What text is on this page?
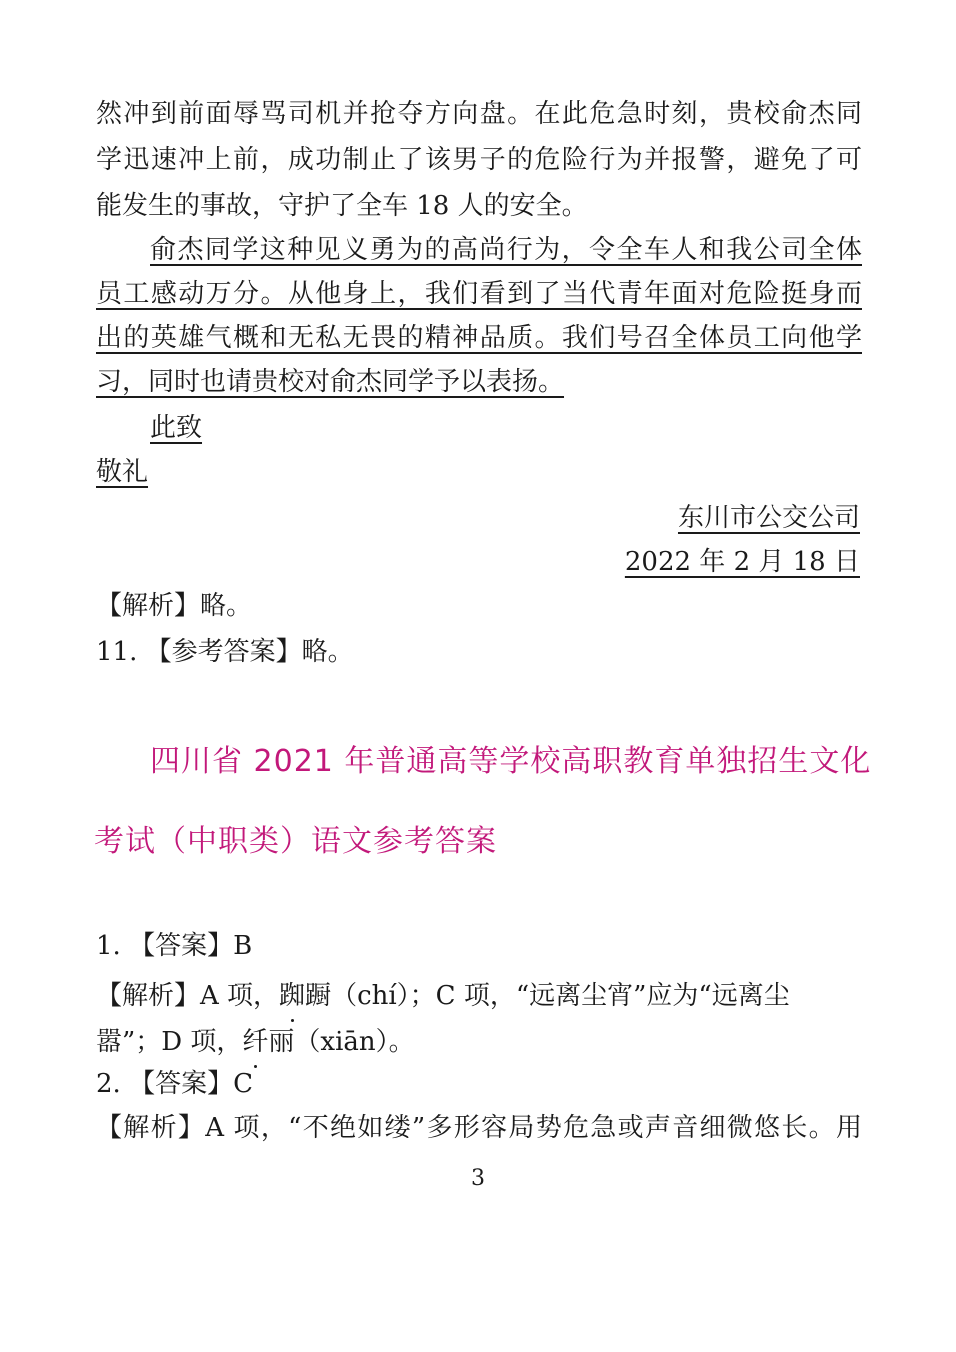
然冲到前面辱骂司机并抢夺方向盘。在此危急时刻，贵校俞杰同
学迅速冲上前，成功制止了该男子的危险行为并报警，避免了可
能发生的事故，守护了全车 18 人的安全。
俞杰同学这种见义勇为的高尚行为，令全车人和我公司全体
员工感动万分。从他身上，我们看到了当代青年面对危险挺身而
出的英雄气概和无私无畏的精神品质。我们号召全体员工向他学
习，同时也请贵校对俞杰同学予以表扬。
此致
敬礼
东川市公交公司
2022 年 2 月 18 日
【解析】略。
11. 【参考答案】略。
四川省 2021 年普通高等学校高职教育单独招生文化
考试（中职类）语文参考答案
1. 【答案】B
【解析】A 项，踟蹰（chí）；C 项，“远离尘宵”应为“远离尘
嚣”；D 项，纤丽（xiān）。
2. 【答案】C
【解析】A 项，“不绝如缕”多形容局势危急或声音细微悠长。用
3
